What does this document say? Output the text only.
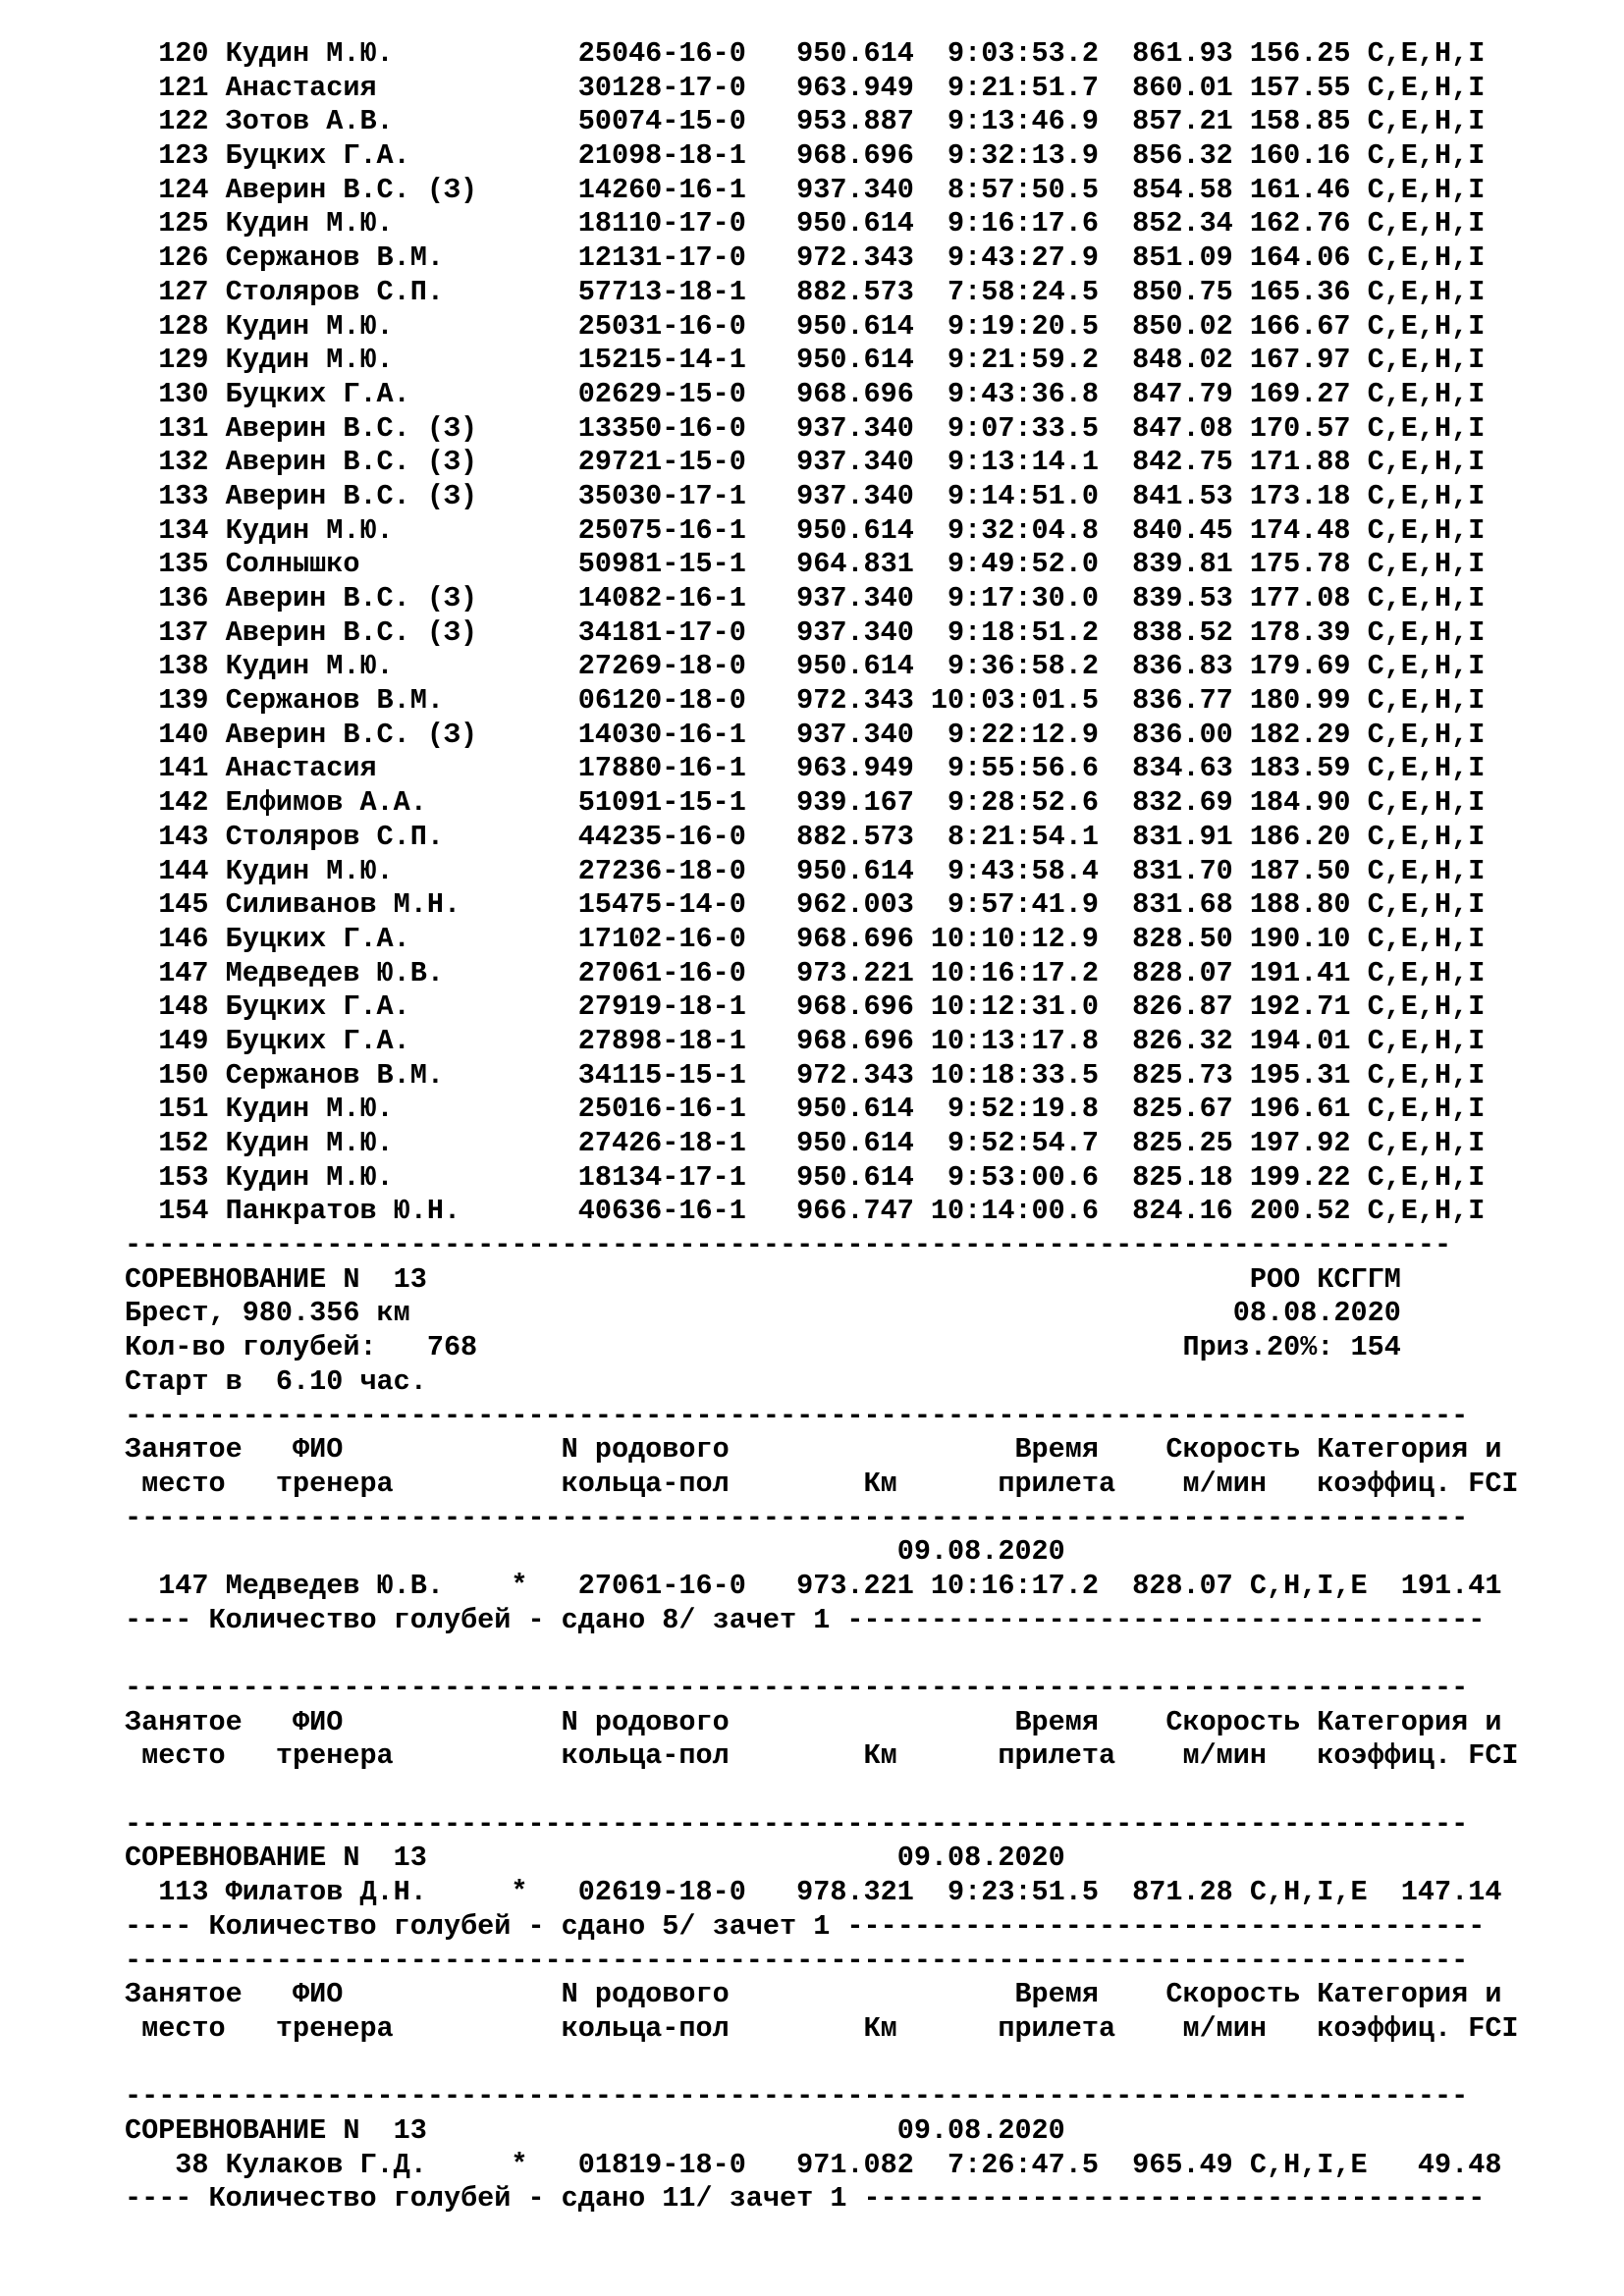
120 Кудин М.Ю.           25046-16-0   950.614  9:03:53.2  861.93 156.25 C,E,H,I
121 Анастасия            30128-17-0   963.949  9:21:51.7  860.01 157.55 C,E,H,I
122 Зотов А.В.           50074-15-0   953.887  9:13:46.9  857.21 158.85 C,E,H,I
123 Буцких Г.А.          21098-18-1   968.696  9:32:13.9  856.32 160.16 C,E,H,I
124 Аверин В.С. (З)      14260-16-1   937.340  8:57:50.5  854.58 161.46 C,E,H,I
125 Кудин М.Ю.           18110-17-0   950.614  9:16:17.6  852.34 162.76 C,E,H,I
126 Сержанов В.М.        12131-17-0   972.343  9:43:27.9  851.09 164.06 C,E,H,I
127 Столяров С.П.        57713-18-1   882.573  7:58:24.5  850.75 165.36 C,E,H,I
128 Кудин М.Ю.           25031-16-0   950.614  9:19:20.5  850.02 166.67 C,E,H,I
129 Кудин М.Ю.           15215-14-1   950.614  9:21:59.2  848.02 167.97 C,E,H,I
130 Буцких Г.А.          02629-15-0   968.696  9:43:36.8  847.79 169.27 C,E,H,I
131 Аверин В.С. (З)      13350-16-0   937.340  9:07:33.5  847.08 170.57 C,E,H,I
132 Аверин В.С. (З)      29721-15-0   937.340  9:13:14.1  842.75 171.88 C,E,H,I
133 Аверин В.С. (З)      35030-17-1   937.340  9:14:51.0  841.53 173.18 C,E,H,I
134 Кудин М.Ю.           25075-16-1   950.614  9:32:04.8  840.45 174.48 C,E,H,I
135 Солнышко             50981-15-1   964.831  9:49:52.0  839.81 175.78 C,E,H,I
136 Аверин В.С. (З)      14082-16-1   937.340  9:17:30.0  839.53 177.08 C,E,H,I
137 Аверин В.С. (З)      34181-17-0   937.340  9:18:51.2  838.52 178.39 C,E,H,I
138 Кудин М.Ю.           27269-18-0   950.614  9:36:58.2  836.83 179.69 C,E,H,I
139 Сержанов В.М.        06120-18-0   972.343 10:03:01.5  836.77 180.99 C,E,H,I
140 Аверин В.С. (З)      14030-16-1   937.340  9:22:12.9  836.00 182.29 C,E,H,I
141 Анастасия            17880-16-1   963.949  9:55:56.6  834.63 183.59 C,E,H,I
142 Елфимов А.А.         51091-15-1   939.167  9:28:52.6  832.69 184.90 C,E,H,I
143 Столяров С.П.        44235-16-0   882.573  8:21:54.1  831.91 186.20 C,E,H,I
144 Кудин М.Ю.           27236-18-0   950.614  9:43:58.4  831.70 187.50 C,E,H,I
145 Силиванов М.Н.       15475-14-0   962.003  9:57:41.9  831.68 188.80 C,E,H,I
146 Буцких Г.А.          17102-16-0   968.696 10:10:12.9  828.50 190.10 C,E,H,I
147 Медведев Ю.В.        27061-16-0   973.221 10:16:17.2  828.07 191.41 C,E,H,I
148 Буцких Г.А.          27919-18-1   968.696 10:12:31.0  826.87 192.71 C,E,H,I
149 Буцких Г.А.          27898-18-1   968.696 10:13:17.8  826.32 194.01 C,E,H,I
150 Сержанов В.М.        34115-15-1   972.343 10:18:33.5  825.73 195.31 C,E,H,I
151 Кудин М.Ю.           25016-16-1   950.614  9:52:19.8  825.67 196.61 C,E,H,I
152 Кудин М.Ю.           27426-18-1   950.614  9:52:54.7  825.25 197.92 C,E,H,I
153 Кудин М.Ю.           18134-17-1   950.614  9:53:00.6  825.18 199.22 C,E,H,I
154 Панкратов Ю.Н.       40636-16-1   966.747 10:14:00.6  824.16 200.52 C,E,H,I
-------------------------------------------------------------------------------
СОРЕВНОВАНИЕ N  13                                                 РОО КСГГМ
Брест, 980.356 км                                                 08.08.2020
Кол-во голубей:   768                                          Приз.20%: 154
Старт в  6.10 час.
--------------------------------------------------------------------------------
Занятое   ФИО             N родового                 Время    Скорость Категория и
место   тренера          кольца-пол        Км      прилета    м/мин   коэффиц. FCI
--------------------------------------------------------------------------------
09.08.2020
147 Медведев Ю.В.    *   27061-16-0   973.221 10:16:17.2  828.07 C,H,I,E  191.41
---- Количество голубей - сдано 8/ зачет 1 --------------------------------------
--------------------------------------------------------------------------------
Занятое   ФИО             N родового                 Время    Скорость Категория и
место   тренера          кольца-пол        Км      прилета    м/мин   коэффиц. FCI
--------------------------------------------------------------------------------
СОРЕВНОВАНИЕ N  13                            09.08.2020
113 Филатов Д.Н.     *   02619-18-0   978.321  9:23:51.5  871.28 C,H,I,E  147.14
---- Количество голубей - сдано 5/ зачет 1 --------------------------------------
--------------------------------------------------------------------------------
Занятое   ФИО             N родового                 Время    Скорость Категория и
место   тренера          кольца-пол        Км      прилета    м/мин   коэффиц. FCI
--------------------------------------------------------------------------------
СОРЕВНОВАНИЕ N  13                            09.08.2020
38 Кулаков Г.Д.     *   01819-18-0   971.082  7:26:47.5  965.49 C,H,I,E   49.48
---- Количество голубей - сдано 11/ зачет 1 -------------------------------------
